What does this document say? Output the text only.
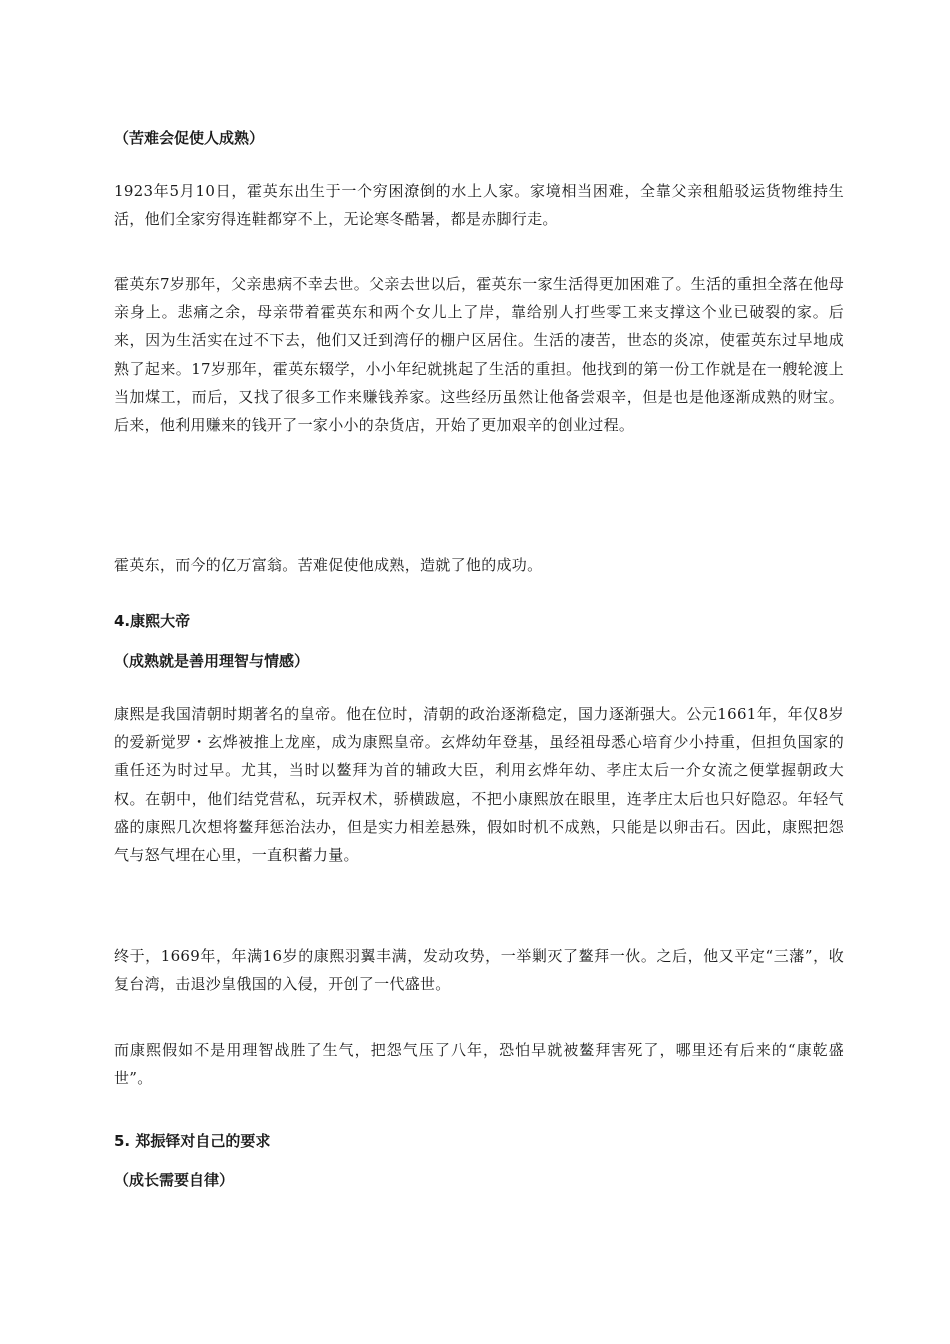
（苦难会促使人成熟）

1923年5月10日，霍英东出生于一个穷困潦倒的水上人家。家境相当困难，全靠父亲租船驳运货物维持生活，他们全家穷得连鞋都穿不上，无论寒冬酷暑，都是赤脚行走。

霍英东7岁那年，父亲患病不幸去世。父亲去世以后，霍英东一家生活得更加困难了。生活的重担全落在他母亲身上。悲痛之余，母亲带着霍英东和两个女儿上了岸，靠给别人打些零工来支撑这个业已破裂的家。后来，因为生活实在过不下去，他们又迁到湾仔的棚户区居住。生活的凄苦，世态的炎凉，使霍英东过早地成熟了起来。17岁那年，霍英东辍学，小小年纪就挑起了生活的重担。他找到的第一份工作就是在一艘轮渡上当加煤工，而后，又找了很多工作来赚钱养家。这些经历虽然让他备尝艰辛，但是也是他逐渐成熟的财宝。后来，他利用赚来的钱开了一家小小的杂货店，开始了更加艰辛的创业过程。

霍英东，而今的亿万富翁。苦难促使他成熟，造就了他的成功。

4.康熙大帝
（成熟就是善用理智与情感）

康熙是我国清朝时期著名的皇帝。他在位时，清朝的政治逐渐稳定，国力逐渐强大。公元1661年，年仅8岁的爱新觉罗・玄烨被推上龙座，成为康熙皇帝。玄烨幼年登基，虽经祖母悉心培育少小持重，但担负国家的重任还为时过早。尤其，当时以鳌拜为首的辅政大臣，利用玄烨年幼、孝庄太后一介女流之便掌握朝政大权。在朝中，他们结党营私，玩弄权术，骄横跋扈，不把小康熙放在眼里，连孝庄太后也只好隐忍。年轻气盛的康熙几次想将鳌拜惩治法办，但是实力相差悬殊，假如时机不成熟，只能是以卵击石。因此，康熙把怨气与怒气埋在心里，一直积蓄力量。

终于，1669年，年满16岁的康熙羽翼丰满，发动攻势，一举剿灭了鳌拜一伙。之后，他又平定“三藩”，收复台湾，击退沙皇俄国的入侵，开创了一代盛世。

而康熙假如不是用理智战胜了生气，把怨气压了八年，恐怕早就被鳌拜害死了，哪里还有后来的“康乾盛世”。

5. 郑振铎对自己的要求
（成长需要自律）
